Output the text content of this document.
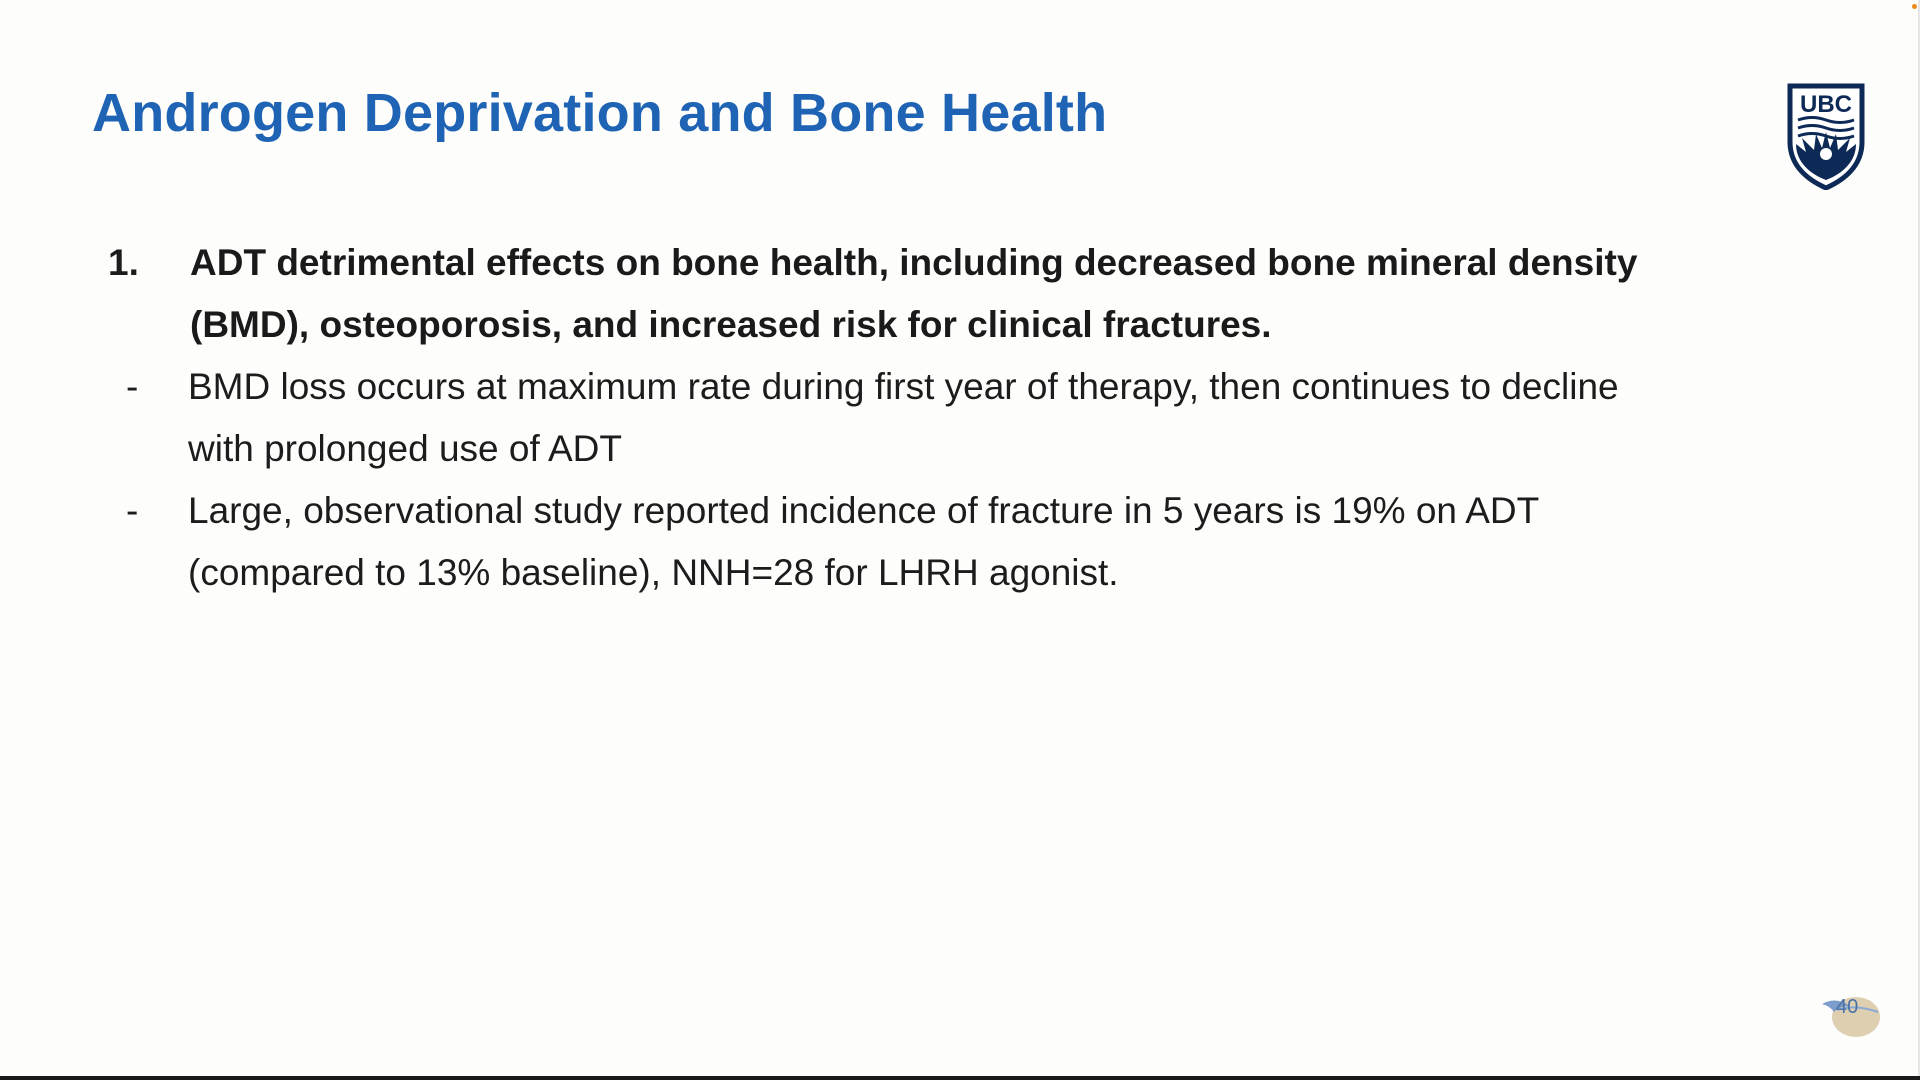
Androgen Deprivation and Bone Health	UBC
1.	ADT detrimental effects on bone health, including decreased bone mineral density (BMD), osteoporosis, and increased risk for clinical fractures.
-	BMD loss occurs at maximum rate during first year of therapy, then continues to decline with prolonged use of ADT
-	Large, observational study reported incidence of fracture in 5 years is 19% on ADT (compared to 13% baseline), NNH=28 for LHRH agonist.
40
